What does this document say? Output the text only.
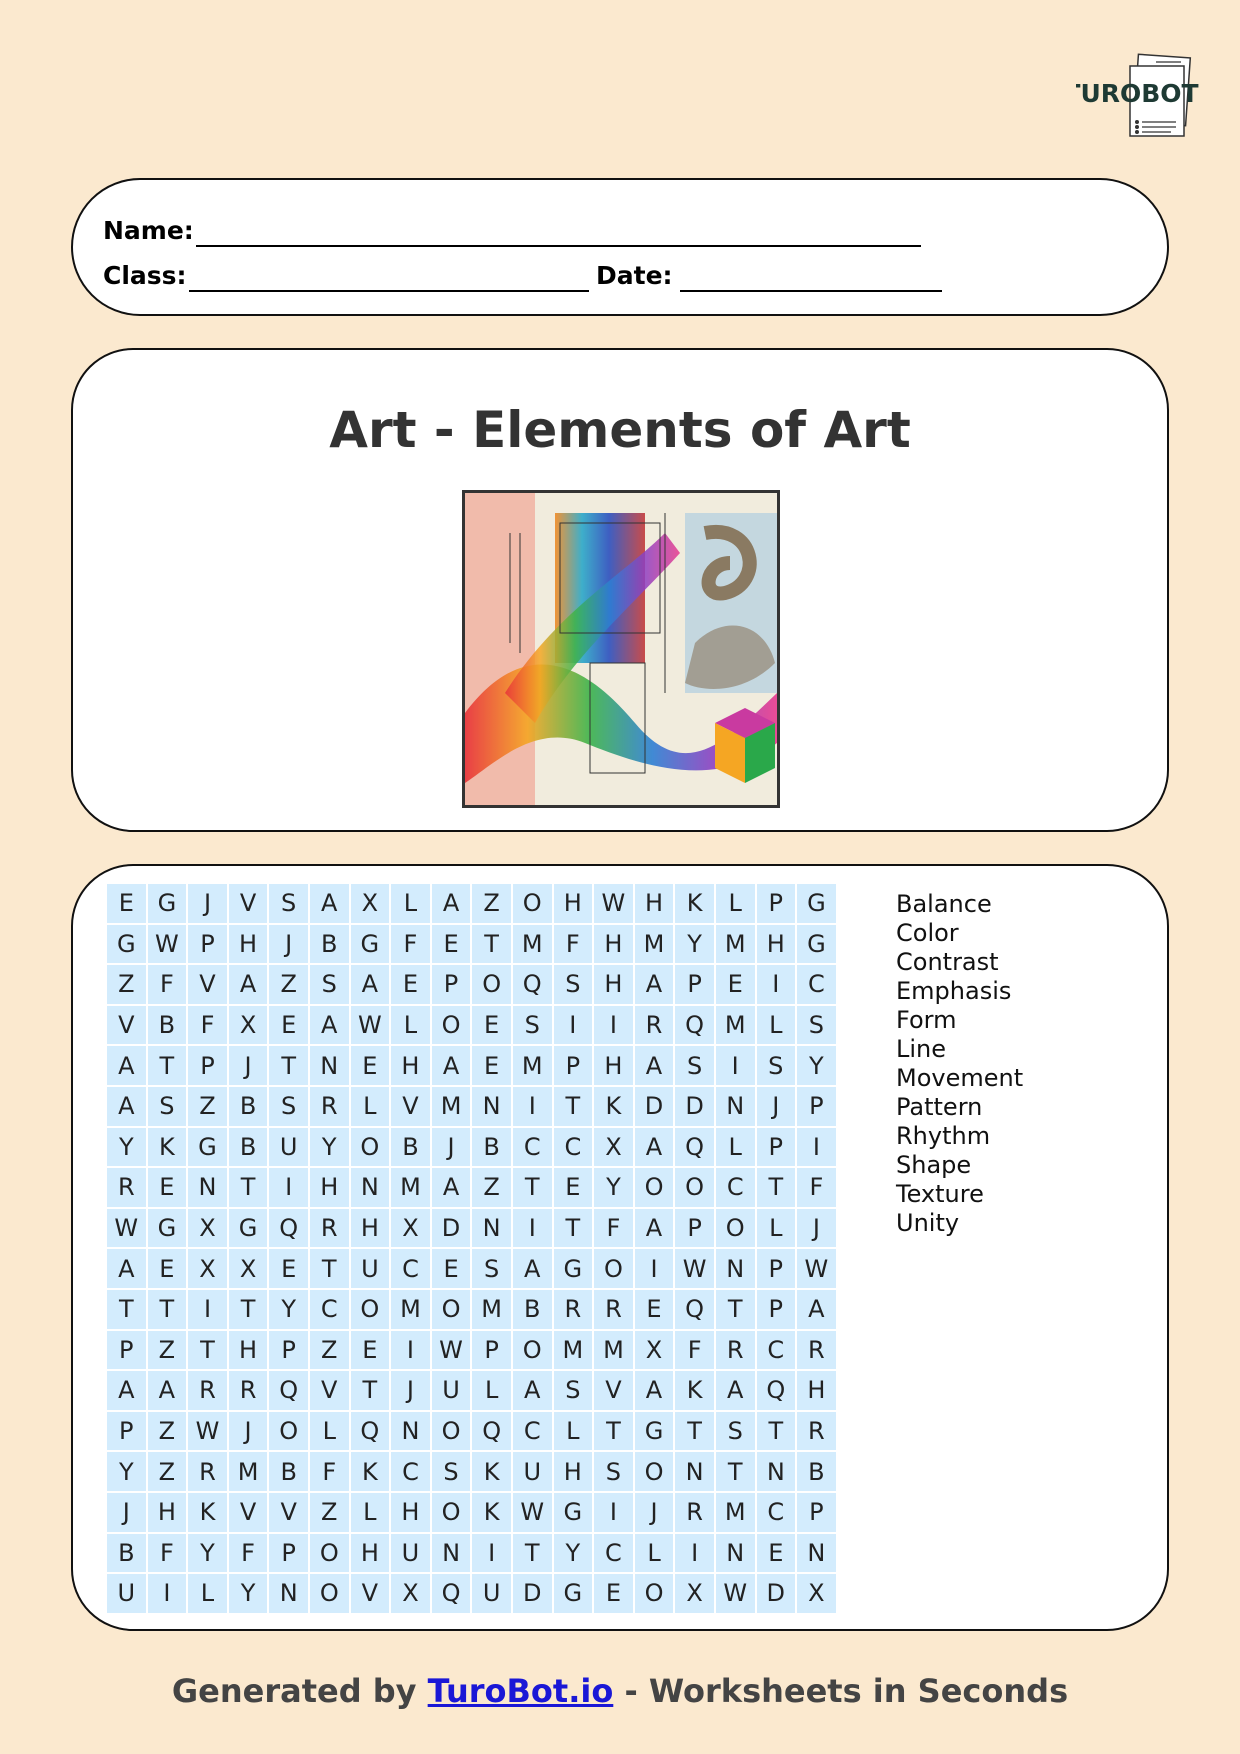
TUROBOT
Name:
Class:	Date:
Art - Elements of Art
E G	J	V	S	A	X	L	A	Z O H W H K	L	P	G
G W P	H	J	B G	F	E	T M F	H M Y M H G
Z	F	V	A	Z	S	A	E	P O Q S H A	P	E	I	C
V	B	F	X	E	A W L	O E	S	I	I	R Q M L	S
A	T	P	J	T	N	E H A	E M P	H A	S	I	S	Y
A	S	Z	B	S	R	L	V M N	I	T	K D D N	J	P
Y	K G B U	Y O B	J	B C C X	A Q	L	P	I
R	E	N	T	I	H N M A	Z	T	E	Y O O C	T	F
W G X G Q R H X D N	I	T	F	A	P O	L	J
A	E	X	X	E	T	U C	E	S	A G O	I	W N	P W
T	T	I	T	Y	C O M O M B	R R	E Q T	P	A
P	Z	T	H	P	Z	E	I	W P O M M X	F	R C R
A	A	R R Q V	T	J	U	L	A	S	V	A	K	A Q H
P	Z W	J	O	L	Q N O Q C	L	T G T	S	T	R
Y	Z	R M B	F	K	C	S	K U H S O N	T	N B
J	H K	V	V	Z	L	H O K W G	I	J	R M C	P
B	F	Y	F	P O H U N	I	T	Y	C	L	I	N	E	N
U	I	L	Y	N O V	X Q U D G E O X W D X
Balance
Color
Contrast
Emphasis
Form
Line
Movement
Pattern
Rhythm
Shape
Texture
Unity
Generated by TuroBot.io - Worksheets in Seconds
